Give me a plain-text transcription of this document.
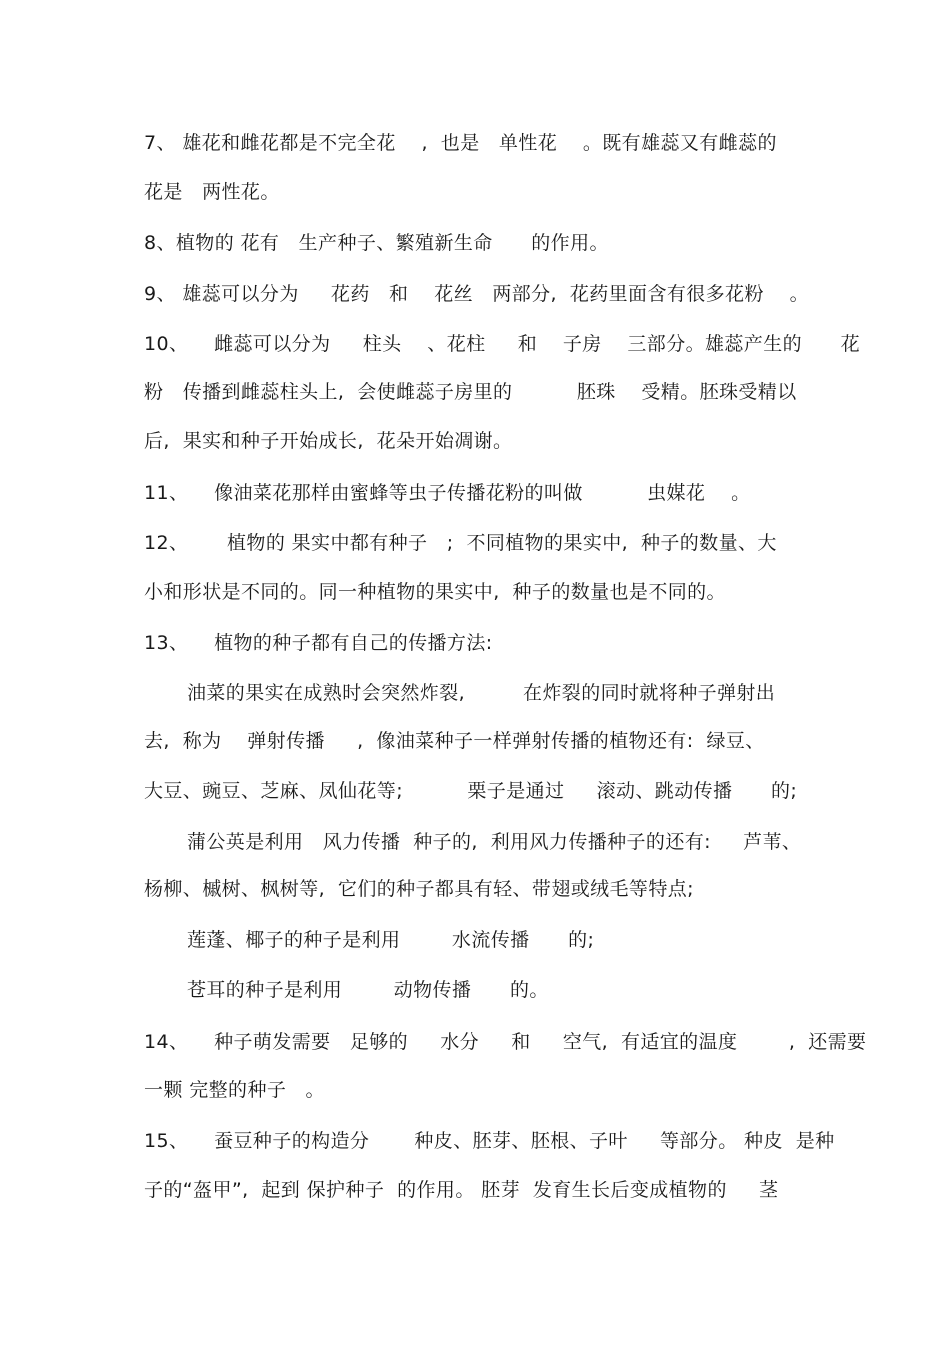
7、 雄花和雌花都是不完全花    ,  也是   单性花    。既有雄蕊又有雌蕊的
花是   两性花。
8、植物的 花有   生产种子、繁殖新生命      的作用。
9、 雄蕊可以分为     花药   和    花丝   两部分,  花药里面含有很多花粉    。
10、    雌蕊可以分为     柱头    、花柱     和    子房    三部分。雄蕊产生的      花
粉   传播到雌蕊柱头上,  会使雌蕊子房里的          胚珠    受精。胚珠受精以
后,  果实和种子开始成长,  花朵开始凋谢。
11、    像油菜花那样由蜜蜂等虫子传播花粉的叫做          虫媒花    。
12、      植物的 果实中都有种子   ;  不同植物的果实中,  种子的数量、大
小和形状是不同的。同一种植物的果实中,  种子的数量也是不同的。
13、    植物的种子都有自己的传播方法:
油菜的果实在成熟时会突然炸裂,         在炸裂的同时就将种子弹射出
去,  称为    弹射传播     ,  像油菜种子一样弹射传播的植物还有:  绿豆、
大豆、豌豆、芝麻、凤仙花等;          栗子是通过     滚动、跳动传播      的;
蒲公英是利用   风力传播  种子的,  利用风力传播种子的还有:     芦苇、
杨柳、槭树、枫树等,  它们的种子都具有轻、带翅或绒毛等特点;
莲蓬、椰子的种子是利用        水流传播      的;
苍耳的种子是利用        动物传播      的。
14、    种子萌发需要   足够的     水分     和     空气,  有适宜的温度        ,  还需要
一颗 完整的种子   。
15、    蚕豆种子的构造分       种皮、胚芽、胚根、子叶     等部分。 种皮  是种
子的“盔甲”,  起到 保护种子  的作用。 胚芽  发育生长后变成植物的     茎
